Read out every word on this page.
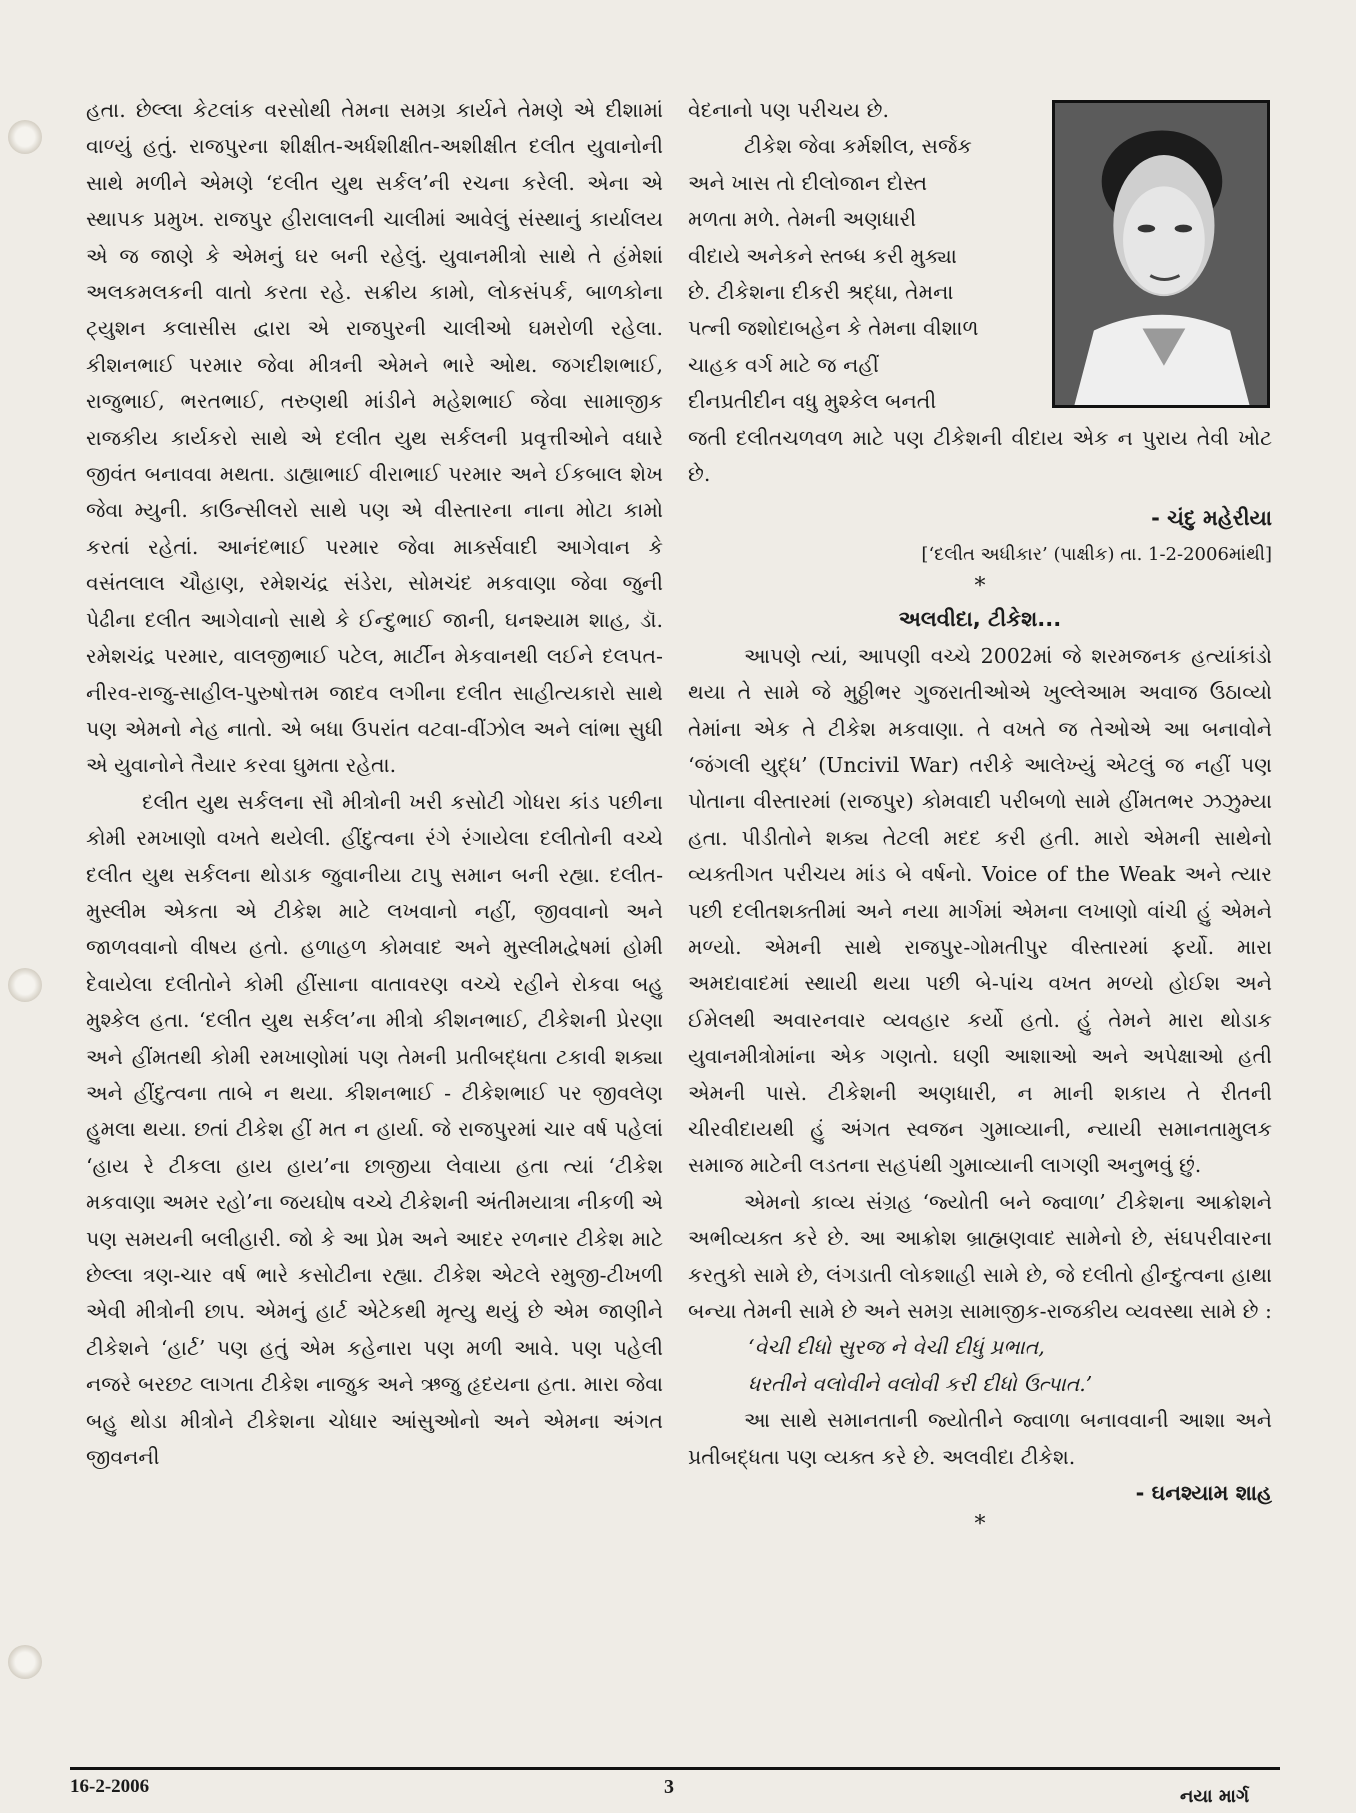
હતા. છેલ્લા કેટલાંક વરસોથી તેમના સમગ્ર કાર્યને તેમણે એ દીશામાં વાળ્યું હતું. રાજપુરના શીક્ષીત-અર્ધશીક્ષીત-અશીક્ષીત દલીત યુવાનોની સાથે મળીને એમણે ‘દલીત યુથ સર્કલ’ની રચના કરેલી. એના એ સ્થાપક પ્રમુખ. રાજપુર હીરાલાલની ચાલીમાં આવેલું સંસ્થાનું કાર્યાલય એ જ જાણે કે એમનું ઘર બની રહેલું. યુવાનમીત્રો સાથે તે હંમેશાં અલકમલકની વાતો કરતા રહે. સક્રીય કામો, લોકસંપર્ક, બાળકોના ટ્યુશન કલાસીસ દ્વારા એ રાજપુરની ચાલીઓ ઘમરોળી રહેલા. કીશનભાઈ પરમાર જેવા મીત્રની એમને ભારે ઓથ. જગદીશભાઈ, રાજુભાઈ, ભરતભાઈ, તરુણથી માંડીને મહેશભાઈ જેવા સામાજીક રાજકીય કાર્યકરો સાથે એ દલીત યુથ સર્કલની પ્રવૃત્તીઓને વધારે જીવંત બનાવવા મથતા. ડાહ્યાભાઈ વીરાભાઈ પરમાર અને ઈકબાલ શેખ જેવા મ્યુની. કાઉન્સીલરો સાથે પણ એ વીસ્તારના નાના મોટા કામો કરતાં રહેતાં. આનંદભાઈ પરમાર જેવા માર્ક્સવાદી આગેવાન કે વસંતલાલ ચૌહાણ, રમેશચંદ્ર સંડેરા, સોમચંદ મકવાણા જેવા જુની પેઢીના દલીત આગેવાનો સાથે કે ઈન્દુભાઈ જાની, ઘનશ્યામ શાહ, ડૉ. રમેશચંદ્ર પરમાર, વાલજીભાઈ પટેલ, માર્ટીન મેકવાનથી લઈને દલપત-નીરવ-રાજુ-સાહીલ-પુરુષોત્તમ જાદવ લગીના દલીત સાહીત્યકારો સાથે પણ એમનો નેહ નાતો. એ બધા ઉપરાંત વટવા-વીંઝોલ અને લાંભા સુધી એ યુવાનોને તૈયાર કરવા ઘુમતા રહેતા.

દલીત યુથ સર્કલના સૌ મીત્રોની ખરી કસોટી ગોધરા કાંડ પછીના કોમી રમખાણો વખતે થયેલી. હીંદુત્વના રંગે રંગાયેલા દલીતોની વચ્ચે દલીત યુથ સર્કલના થોડાક જુવાનીયા ટાપુ સમાન બની રહ્યા. દલીત-મુસ્લીમ એકતા એ ટીકેશ માટે લખવાનો નહીં, જીવવાનો અને જાળવવાનો વીષય હતો. હળાહળ કોમવાદ અને મુસ્લીમદ્વેષમાં હોમી દેવાયેલા દલીતોને કોમી હીંસાના વાતાવરણ વચ્ચે રહીને રોકવા બહુ મુશ્કેલ હતા. ‘દલીત યુથ સર્કલ’ના મીત્રો કીશનભાઈ, ટીકેશની પ્રેરણા અને હીંમતથી કોમી રમખાણોમાં પણ તેમની પ્રતીબદ્ધતા ટકાવી શક્યા અને હીંદુત્વના તાબે ન થયા. કીશનભાઈ - ટીકેશભાઈ પર જીવલેણ હુમલા થયા. છતાં ટીકેશ હીં મત ન હાર્યા. જે રાજપુરમાં ચાર વર્ષ પહેલાં ‘હાય રે ટીકલા હાય હાય’ના છાજીયા લેવાયા હતા ત્યાં ‘ટીકેશ મકવાણા અમર રહો’ના જયઘોષ વચ્ચે ટીકેશની અંતીમયાત્રા નીકળી એ પણ સમયની બલીહારી. જો કે આ પ્રેમ અને આદર રળનાર ટીકેશ માટે છેલ્લા ત્રણ-ચાર વર્ષ ભારે કસોટીના રહ્યા. ટીકેશ એટલે રમુજી-ટીખળી એવી મીત્રોની છાપ. એમનું હાર્ટ એટેકથી મૃત્યુ થયું છે એમ જાણીને ટીકેશને ‘હાર્ટ’ પણ હતું એમ કહેનારા પણ મળી આવે. પણ પહેલી નજરે બરછટ લાગતા ટીકેશ નાજુક અને ઋજુ હૃદયના હતા. મારા જેવા બહુ થોડા મીત્રોને ટીકેશના ચોધાર આંસુઓનો અને એમના અંગત જીવનની

વેદનાનો પણ પરીચય છે.

ટીકેશ જેવા કર્મશીલ, સર્જક

અને ખાસ તો દીલોજાન દોસ્ત

મળતા મળે. તેમની અણધારી

વીદાયે અનેકને સ્તબ્ધ કરી મુક્યા

છે. ટીકેશના દીકરી શ્રદ્ધા, તેમના

પત્ની જશોદાબહેન કે તેમના વીશાળ

ચાહક વર્ગ માટે જ નહીં

દીનપ્રતીદીન વધુ મુશ્કેલ બનતી

જતી દલીતચળવળ માટે પણ ટીકેશની વીદાય એક ન પુરાય તેવી ખોટ છે.

- ચંદુ મહેરીયા

[‘દલીત અધીકાર’ (પાક્ષીક) તા. 1-2-2006માંથી]

*

અલવીદા, ટીકેશ...

આપણે ત્યાં, આપણી વચ્ચે 2002માં જે શરમજનક હત્યાંકાંડો થયા તે સામે જે મુઠ્ઠીભર ગુજરાતીઓએ ખુલ્લેઆમ અવાજ ઉઠાવ્યો તેમાંના એક તે ટીકેશ મકવાણા. તે વખતે જ તેઓએ આ બનાવોને ‘જંગલી યુદ્ધ’ (Uncivil War) તરીકે આલેખ્યું એટલું જ નહીં પણ પોતાના વીસ્તારમાં (રાજપુર) કોમવાદી પરીબળો સામે હીંમતભર ઝઝુમ્યા હતા. પીડીતોને શક્ય તેટલી મદદ કરી હતી. મારો એમની સાથેનો વ્યક્તીગત પરીચય માંડ બે વર્ષનો. Voice of the Weak અને ત્યાર પછી દલીતશક્તીમાં અને નયા માર્ગમાં એમના લખાણો વાંચી હું એમને મળ્યો. એમની સાથે રાજપુર-ગોમતીપુર વીસ્તારમાં ફર્યો. મારા અમદાવાદમાં સ્થાયી થયા પછી બે-પાંચ વખત મળ્યો હોઈશ અને ઈમેલથી અવારનવાર વ્યવહાર કર્યો હતો. હું તેમને મારા થોડાક યુવાનમીત્રોમાંના એક ગણતો. ઘણી આશાઓ અને અપેક્ષાઓ હતી એમની પાસે. ટીકેશની અણધારી, ન માની શકાય તે રીતની ચીરવીદાયથી હું અંગત સ્વજન ગુમાવ્યાની, ન્યાયી સમાનતામુલક સમાજ માટેની લડતના સહપંથી ગુમાવ્યાની લાગણી અનુભવું છું.

એમનો કાવ્ય સંગ્રહ ‘જ્યોતી બને જ્વાળા’ ટીકેશના આક્રોશને અભીવ્યક્ત કરે છે. આ આક્રોશ બ્રાહ્મણવાદ સામેનો છે, સંઘપરીવારના કરતુકો સામે છે, લંગડાતી લોકશાહી સામે છે, જે દલીતો હીન્દુત્વના હાથા બન્યા તેમની સામે છે અને સમગ્ર સામાજીક-રાજકીય વ્યવસ્થા સામે છે :

‘વેચી દીધો સુરજ ને વેચી દીધું પ્રભાત,

ધરતીને વલોવીને વલોવી કરી દીધો ઉત્પાત.’

આ સાથે સમાનતાની જ્યોતીને જ્વાળા બનાવવાની આશા અને પ્રતીબદ્ધતા પણ વ્યક્ત કરે છે. અલવીદા ટીકેશ.

- ઘનશ્યામ શાહ

*

16-2-2006	3	નયા માર્ગ
